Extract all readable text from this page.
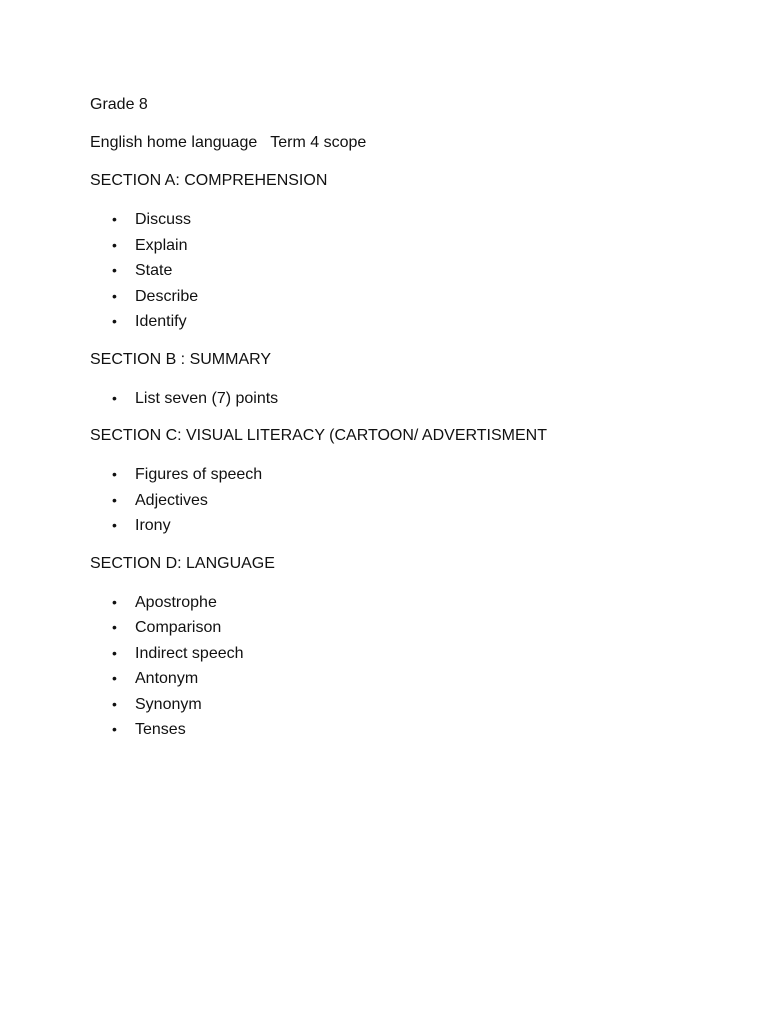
Grade 8

English home language   Term 4 scope

SECTION A: COMPREHENSION

• Discuss
• Explain
• State
• Describe
• Identify

SECTION B : SUMMARY

• List seven (7) points

SECTION C: VISUAL LITERACY (CARTOON/ ADVERTISMENT

• Figures of speech
• Adjectives
• Irony

SECTION D: LANGUAGE

• Apostrophe
• Comparison
• Indirect speech
• Antonym
• Synonym
• Tenses
